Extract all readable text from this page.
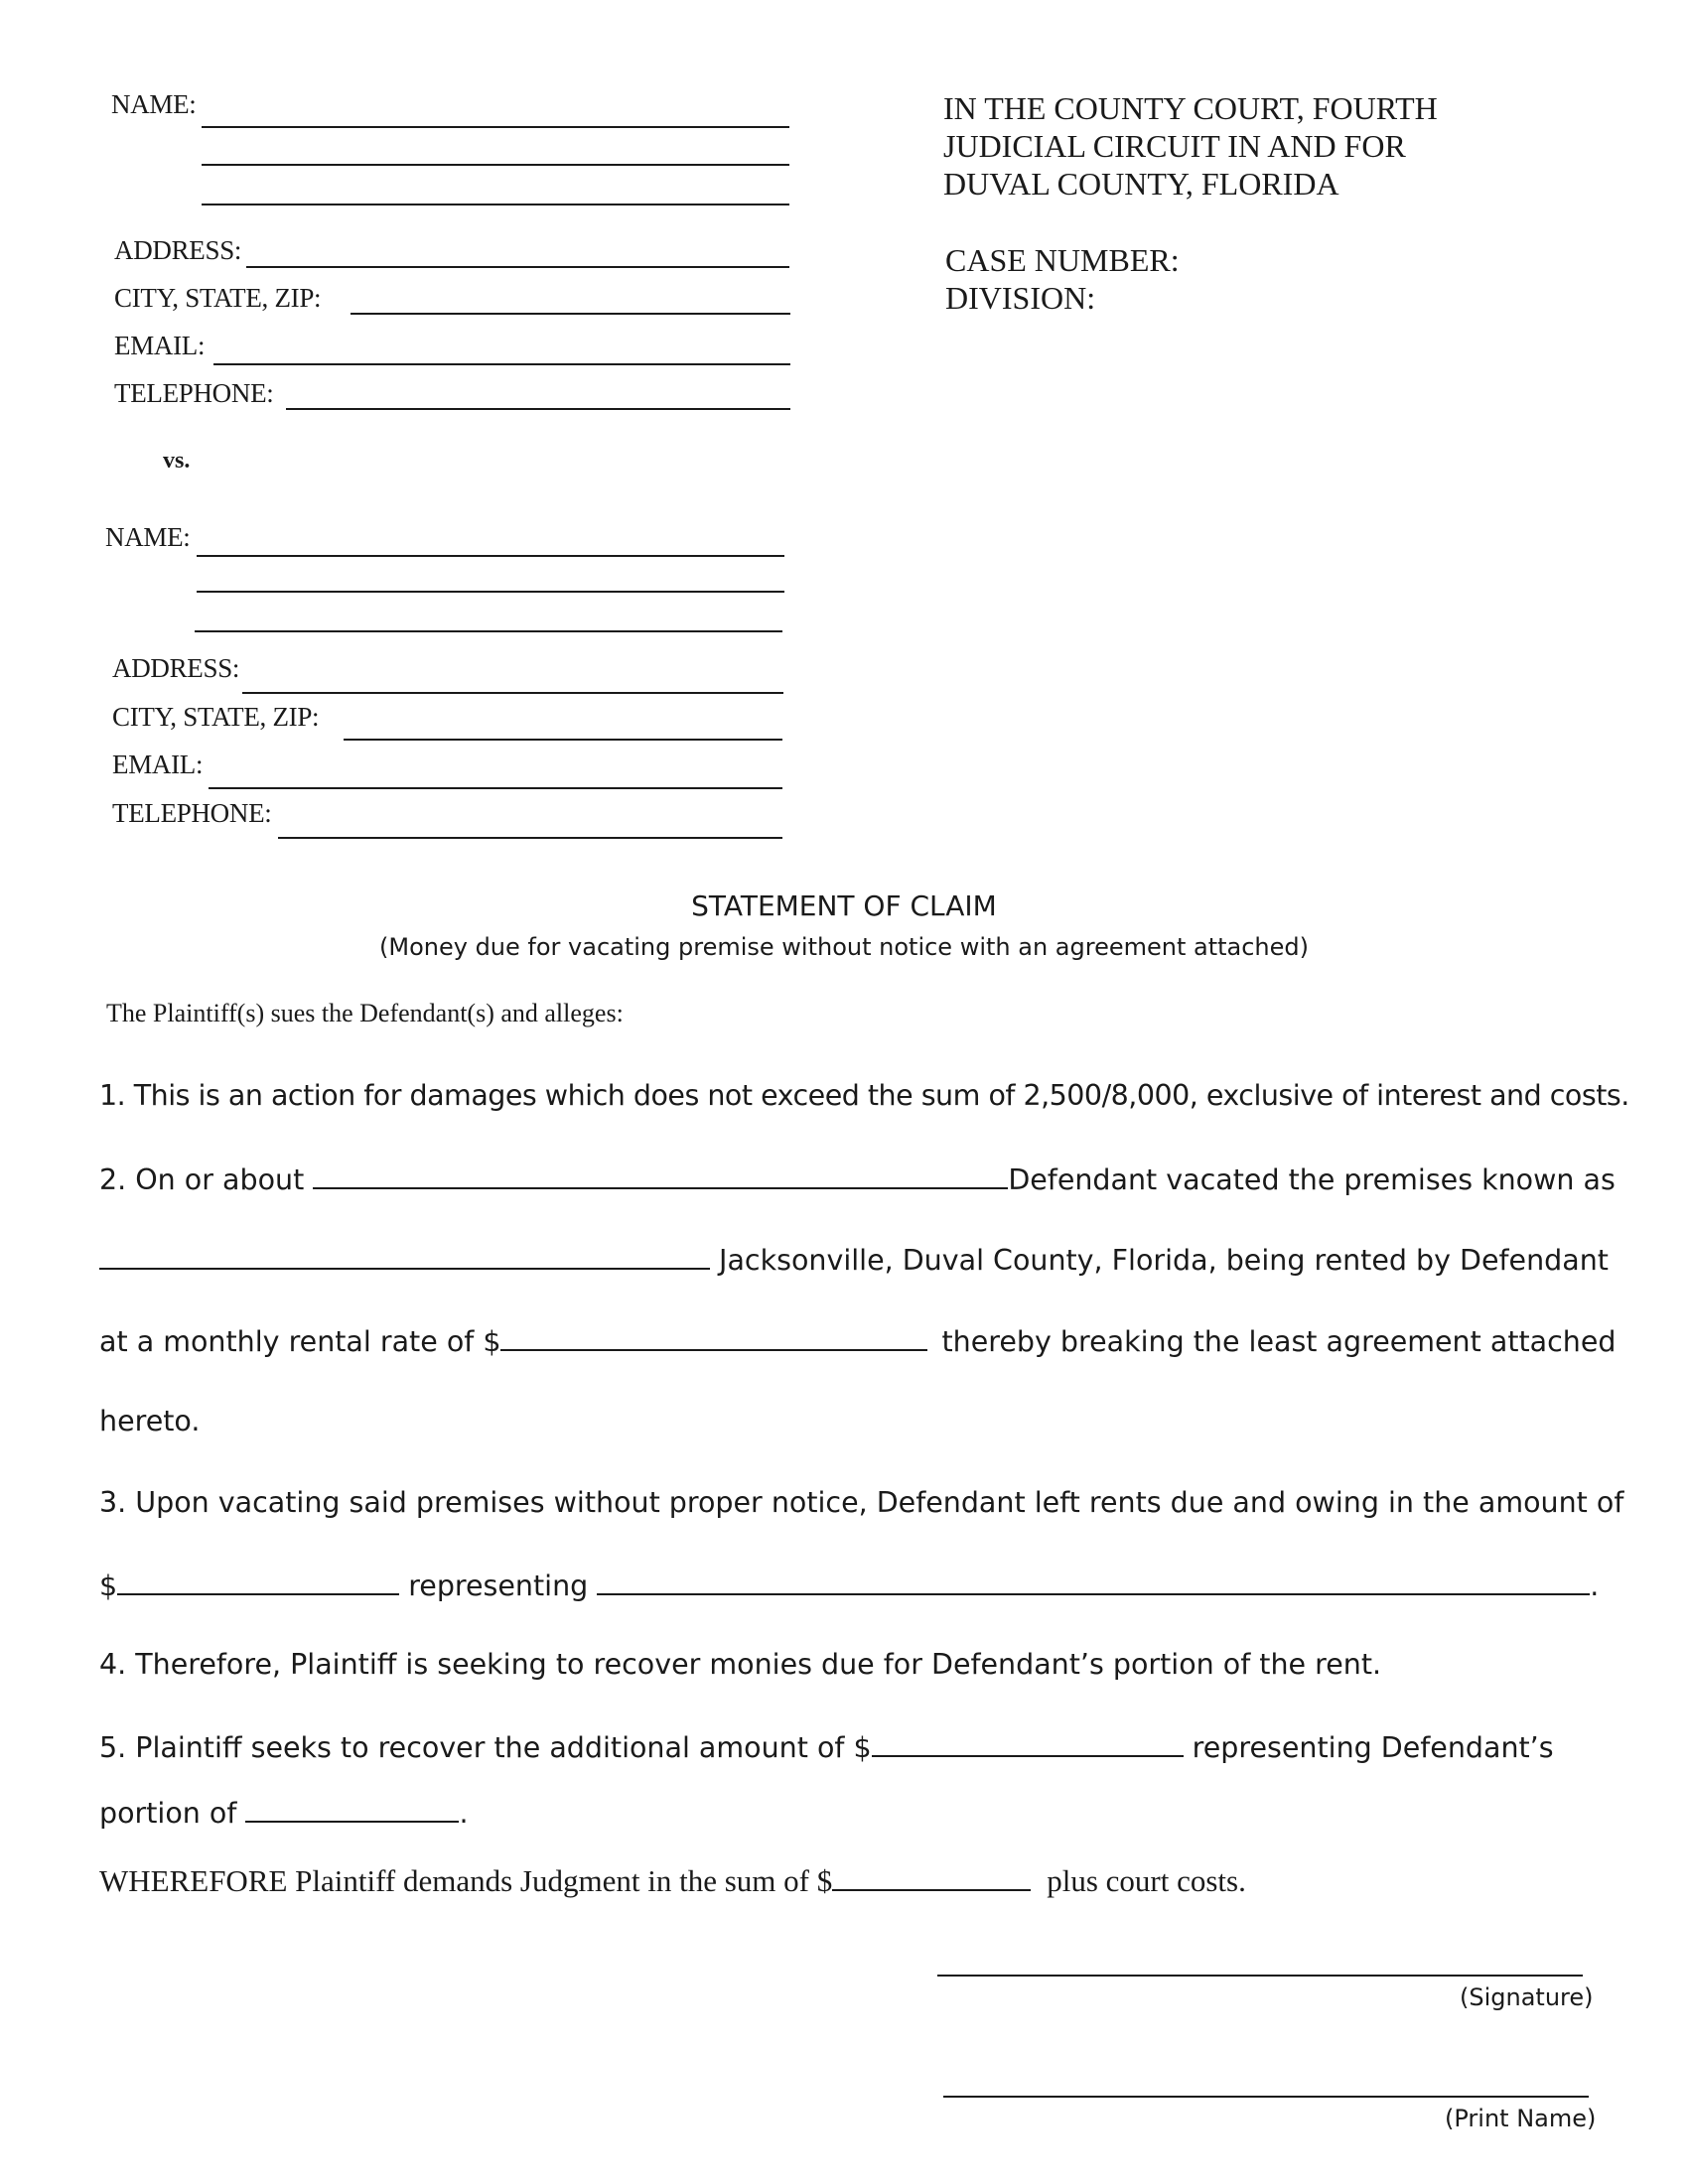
NAME:
ADDRESS:
CITY, STATE, ZIP:
EMAIL:
TELEPHONE:
vs.
NAME:
ADDRESS:
CITY, STATE, ZIP:
EMAIL:
TELEPHONE:
IN THE COUNTY COURT, FOURTH
JUDICIAL CIRCUIT IN AND FOR
DUVAL COUNTY, FLORIDA
CASE NUMBER:
DIVISION:
STATEMENT OF CLAIM
(Money due for vacating premise without notice with an agreement attached)
The Plaintiff(s) sues the Defendant(s) and alleges:
1. This is an action for damages which does not exceed the sum of 2,500/8,000, exclusive of interest and costs.
2. On or about	Defendant vacated the premises known as
Jacksonville, Duval County, Florida, being rented by Defendant
at a monthly rental rate of $	thereby breaking the least agreement attached
hereto.
3. Upon vacating said premises without proper notice, Defendant left rents due and owing in the amount of
$	representing	.
4. Therefore, Plaintiff is seeking to recover monies due for Defendant’s portion of the rent.
5. Plaintiff seeks to recover the additional amount of $	representing Defendant’s
portion of	.
WHEREFORE Plaintiff demands Judgment in the sum of $	plus court costs.
(Signature)
(Print Name)
